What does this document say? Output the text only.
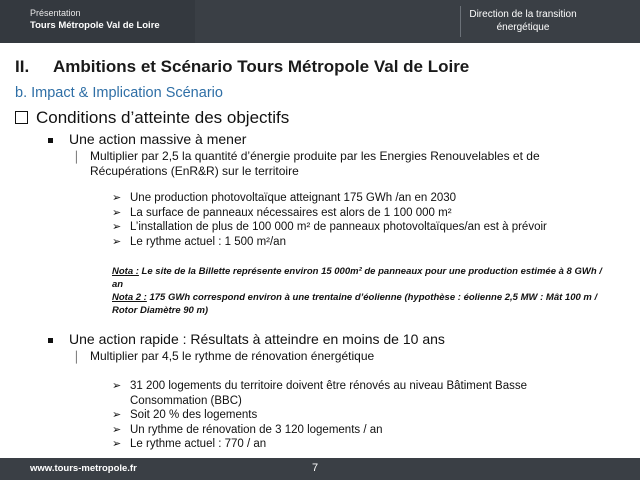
Présentation
Tours Métropole Val de Loire
Direction de la transition
énergétique
II. Ambitions et Scénario Tours Métropole Val de Loire
b. Impact & Implication Scénario
Conditions d’atteinte des objectifs
Une action massive à mener
⎸ Multiplier par 2,5 la quantité d’énergie produite par les Energies Renouvelables et de
Récupérations (EnR&R) sur le territoire
➢ Une production photovoltaïque atteignant 175 GWh /an en 2030
➢ La surface de panneaux nécessaires est alors de 1 100 000 m²
➢ L’installation de plus de 100 000 m² de panneaux photovoltaïques/an est à prévoir
➢ Le rythme actuel : 1 500 m²/an
Nota : Le site de la Billette représente environ 15 000m² de panneaux pour une production estimée à 8 GWh / an
Nota 2 : 175 GWh correspond environ à une trentaine d’éolienne (hypothèse : éolienne 2,5 MW : Mât 100 m / Rotor Diamètre 90 m)
Une action rapide : Résultats à atteindre en moins de 10 ans
⎸ Multiplier par 4,5 le rythme de rénovation énergétique
➢ 31 200 logements du territoire doivent être rénovés au niveau Bâtiment Basse Consommation (BBC)
➢ Soit 20 % des logements
➢ Un rythme de rénovation de 3 120 logements / an
➢ Le rythme actuel : 770 / an
www.tours-metropole.fr	7
